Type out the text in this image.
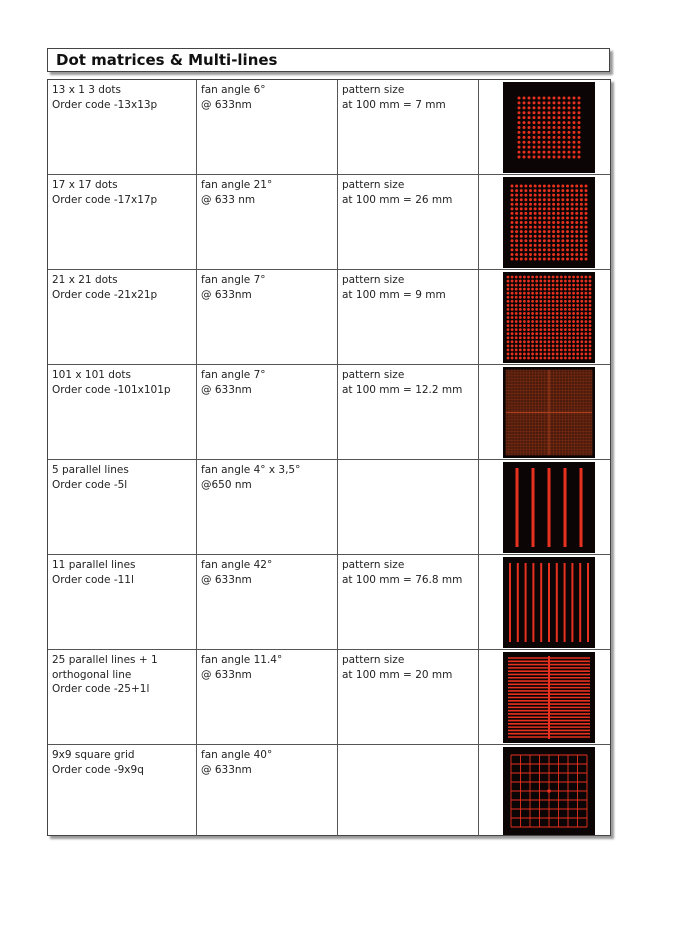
Dot matrices & Multi-lines
13 x 1 3 dots
Order code -13x13p
fan angle 6°
@ 633nm
pattern size
at 100 mm = 7 mm
17 x 17 dots
Order code -17x17p
fan angle 21°
@ 633 nm
pattern size
at 100 mm = 26 mm
21 x 21 dots
Order code -21x21p
fan angle 7°
@ 633nm
pattern size
at 100 mm = 9 mm
101 x 101 dots
Order code -101x101p
fan angle 7°
@ 633nm
pattern size
at 100 mm = 12.2 mm
5 parallel lines
Order code -5l
fan angle 4° x 3,5°
@650 nm
11 parallel lines
Order code -11l
fan angle 42°
@ 633nm
pattern size
at 100 mm = 76.8 mm
25 parallel lines + 1
orthogonal line
Order code -25+1l
fan angle 11.4°
@ 633nm
pattern size
at 100 mm = 20 mm
9x9 square grid
Order code -9x9q
fan angle 40°
@ 633nm
